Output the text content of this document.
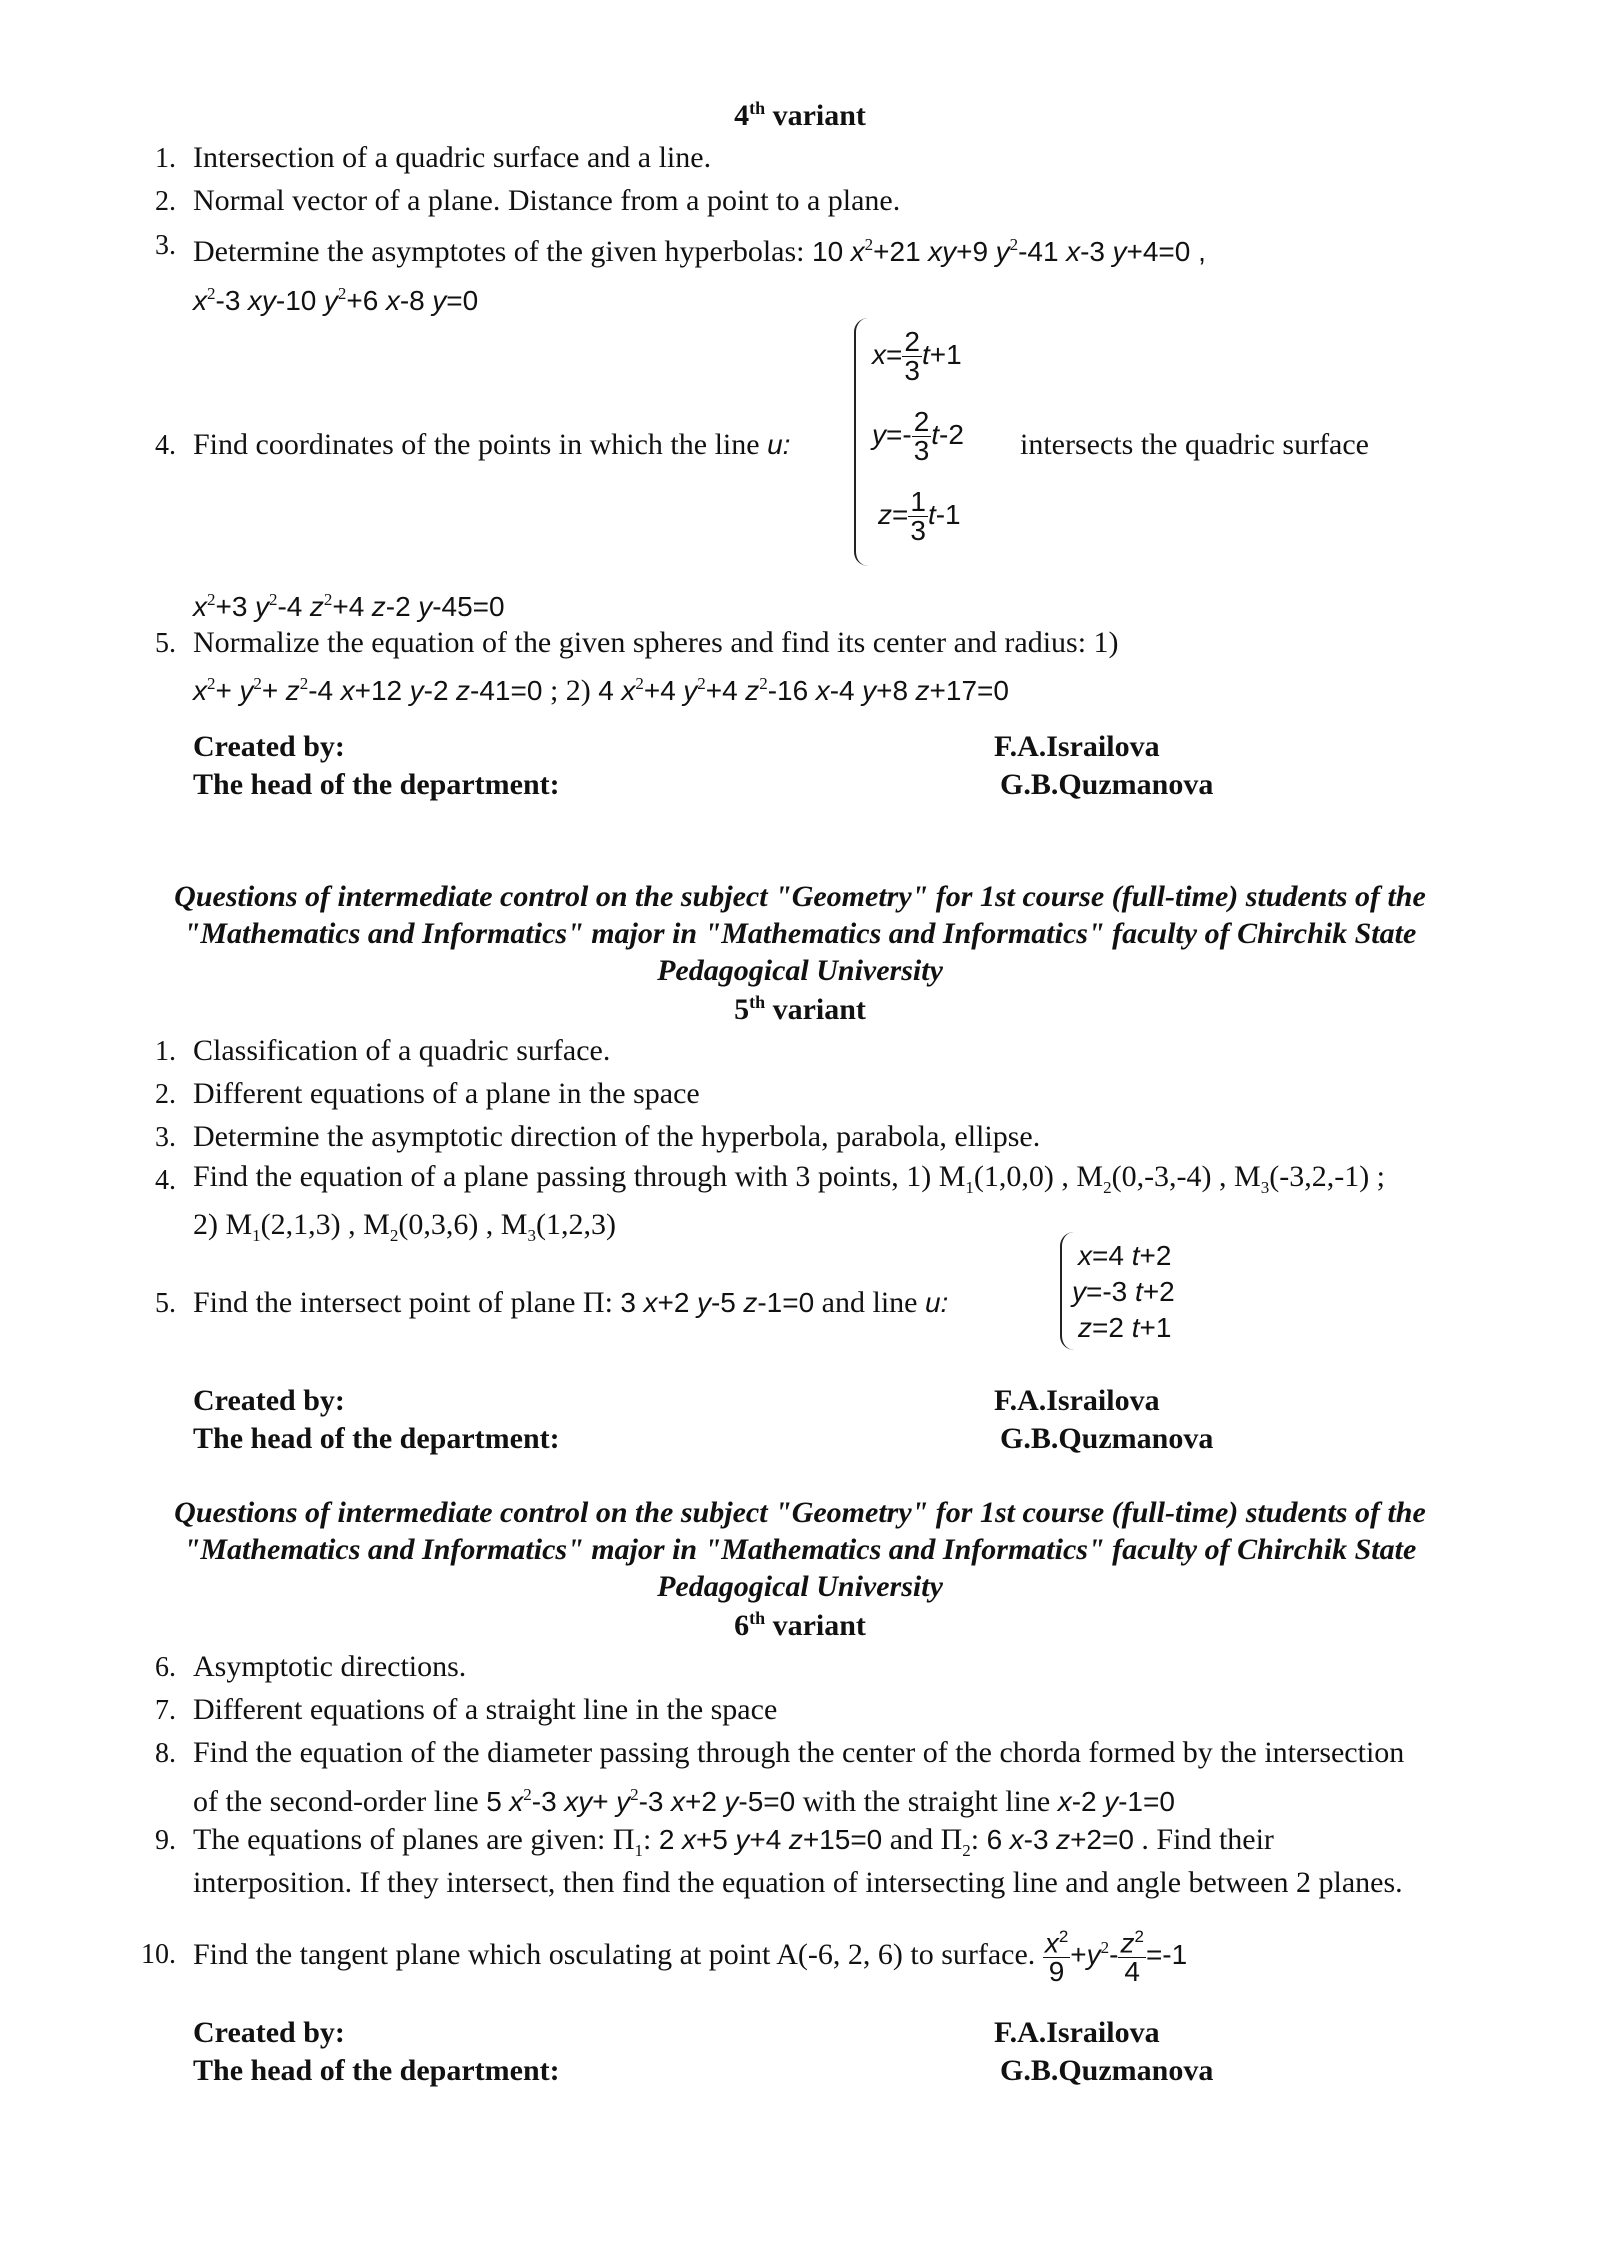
4th variant
1. Intersection of a quadric surface and a line.
2. Normal vector of a plane. Distance from a point to a plane.
3. Determine the asymptotes of the given hyperbolas: 10 $x^2+21$ xy+9 $y^2-41$ x-3 y+4=0 ,
$x^2-3$ xy-10 $y^2+6$ x-8 y=0
4. Find coordinates of the points in which the line u:
$x= \frac{2}{3} t+1$
$y=- \frac{2}{3} t-2$
$z= \frac{1}{3} t-1$
intersects the quadric surface
$x^2+3$ $y^2-4$ $z^2+4$ z-2 y-45=0
5. Normalize the equation of the given spheres and find its center and radius: 1)
$x^2+ y^2+ z^2-4$ x+12 y-2 z-41=0 ; 2) 4 $x^2+4$ $y^2+4$ $z^2-16$ x-4 y+8 z+17=0
Created by:	F.A.Israilova
The head of the department:	G.B.Quzmanova
Questions of intermediate control on the subject "Geometry" for 1st course (full-time) students of the
"Mathematics and Informatics" major in "Mathematics and Informatics" faculty of Chirchik State
Pedagogical University
5th variant
1. Classification of a quadric surface.
2. Different equations of a plane in the space
3. Determine the asymptotic direction of the hyperbola, parabola, ellipse.
4. Find the equation of a plane passing through with 3 points, 1) $M_1(1,0,0)$ , $M_2(0,-3,-4)$ , $M_3(-3,2,-1)$ ;
2) $M_1(2,1,3)$ , $M_2(0,3,6)$ , $M_3(1,2,3)$
5. Find the intersect point of plane Π: 3 x+2 y-5 z-1=0 and line u:
x=4 t+2
y=-3 t+2
z=2 t+1
Created by:	F.A.Israilova
The head of the department:	G.B.Quzmanova
Questions of intermediate control on the subject "Geometry" for 1st course (full-time) students of the
"Mathematics and Informatics" major in "Mathematics and Informatics" faculty of Chirchik State
Pedagogical University
6th variant
6. Asymptotic directions.
7. Different equations of a straight line in the space
8. Find the equation of the diameter passing through the center of the chorda formed by the intersection
of the second-order line 5 $x^2-3$ $xy+ y^2-3$ x+2 y-5=0 with the straight line x-2 y-1=0
9. The equations of planes are given: $\Pi_1$: 2 x+5 y+4 z+15=0 and $\Pi_2$: 6 x-3 z+2=0 . Find their
interposition. If they intersect, then find the equation of intersecting line and angle between 2 planes.
10. Find the tangent plane which osculating at point A(-6, 2, 6) to surface. $\frac{x^2}{9} +y^2- \frac{z^2}{4} =-1$
Created by:	F.A.Israilova
The head of the department:	G.B.Quzmanova
